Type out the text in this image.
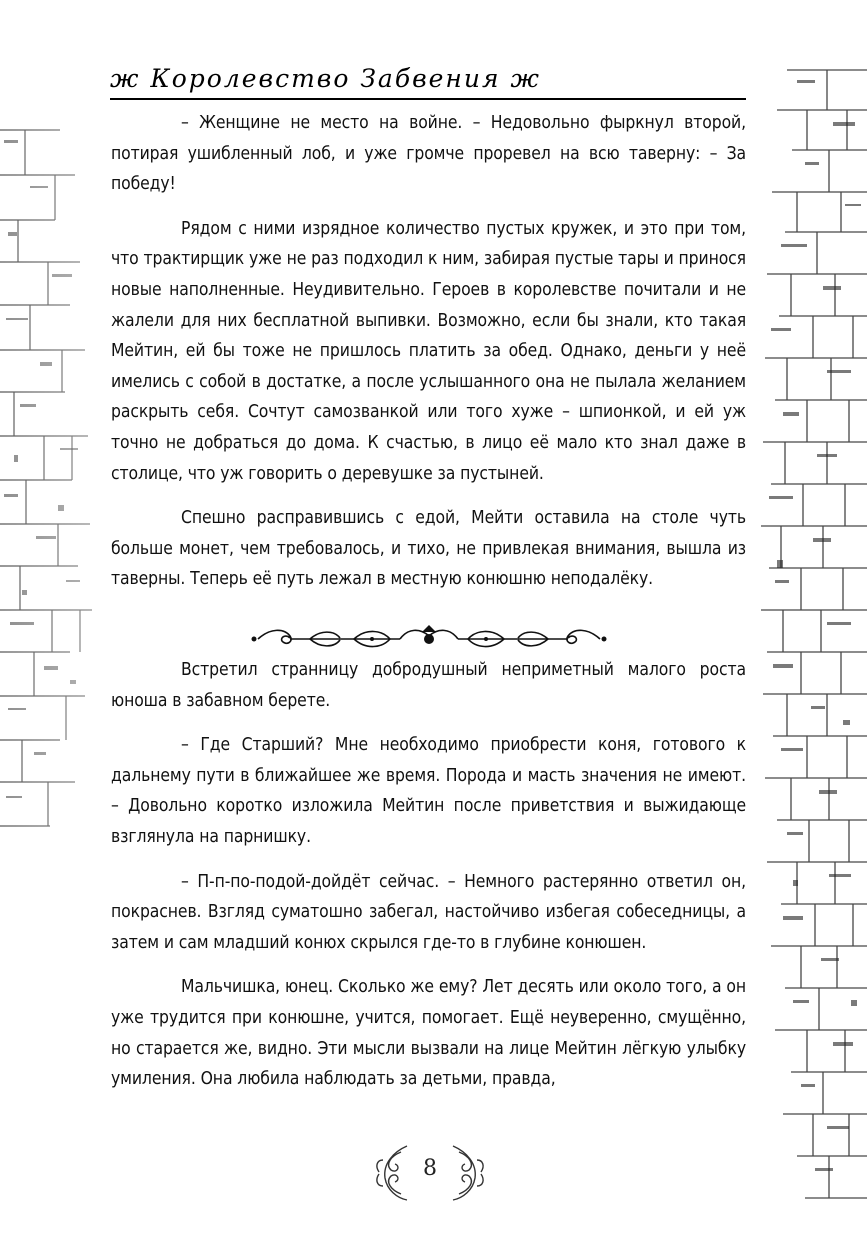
ж Королевство Забвения ж

– Женщине не место на войне. – Недовольно фыркнул второй, потирая ушибленный лоб, и уже громче проревел на всю таверну: – За победу!

Рядом с ними изрядное количество пустых кружек, и это при том, что трактирщик уже не раз подходил к ним, забирая пустые тары и принося новые наполненные. Неудивительно. Героев в королевстве почитали и не жалели для них бесплатной выпивки. Возможно, если бы знали, кто такая Мейтин, ей бы тоже не пришлось платить за обед. Однако, деньги у неё имелись с собой в достатке, а после услышанного она не пылала желанием раскрыть себя. Сочтут самозванкой или того хуже – шпионкой, и ей уж точно не добраться до дома. К счастью, в лицо её мало кто знал даже в столице, что уж говорить о деревушке за пустыней.

Спешно расправившись с едой, Мейти оставила на столе чуть больше монет, чем требовалось, и тихо, не привлекая внимания, вышла из таверны. Теперь её путь лежал в местную конюшню неподалёку.

Встретил странницу добродушный неприметный малого роста юноша в забавном берете.

– Где Старший? Мне необходимо приобрести коня, готового к дальнему пути в ближайшее же время. Порода и масть значения не имеют. – Довольно коротко изложила Мейтин после приветствия и выжидающе взглянула на парнишку.

– П-п-по-подой-дойдёт сейчас. – Немного растерянно ответил он, покраснев. Взгляд суматошно забегал, настойчиво избегая собеседницы, а затем и сам младший конюх скрылся где-то в глубине конюшен.

Мальчишка, юнец. Сколько же ему? Лет десять или около того, а он уже трудится при конюшне, учится, помогает. Ещё неуверенно, смущённо, но старается же, видно. Эти мысли вызвали на лице Мейтин лёгкую улыбку умиления. Она любила наблюдать за детьми, правда,

8
